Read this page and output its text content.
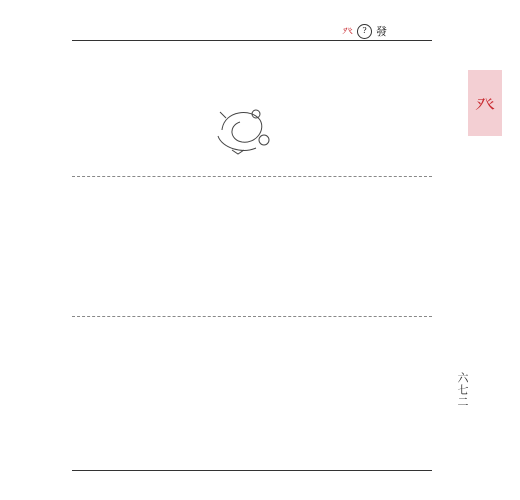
癶	? 發
癶
六七二
